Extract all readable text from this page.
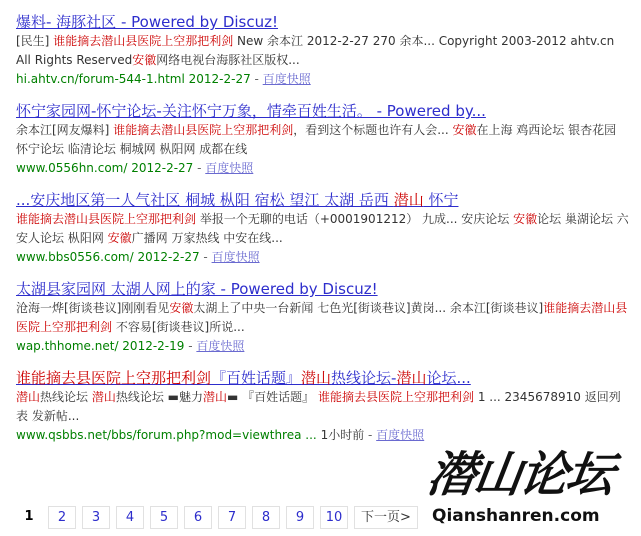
爆料- 海豚社区 - Powered by Discuz!
[民生] 谁能摘去潜山县医院上空那把利剑 New 余本江 2012-2-27 270 余本... Copyright 2003-2012 ahtv.cn All Rights Reserved安徽网络电视台海豚社区版权...
hi.ahtv.cn/forum-544-1.html 2012-2-27 - 百度快照
怀宁家园网-怀宁论坛-关注怀宁万象，情牵百姓生活。 - Powered by...
余本江[网友爆料] 谁能摘去潜山县医院上空那把利剑，看到这个标题也许有人会... 安徽在上海 鸡西论坛 银杏花园 怀宁论坛 临清论坛 桐城网 枞阳网 成都在线
www.0556hn.com/ 2012-2-27 - 百度快照
...安庆地区第一人气社区 桐城 枞阳 宿松 望江 太湖 岳西 潜山 怀宁
谁能摘去潜山县医院上空那把利剑 举报一个无聊的电话（+0001901212） 九成... 安庆论坛 安徽论坛 巢湖论坛 六安人论坛 枞阳网 安徽广播网 万家热线 中安在线...
www.bbs0556.com/ 2012-2-27 - 百度快照
太湖县家园网 太湖人网上的家 - Powered by Discuz!
沧海一烨[街谈巷议]刚刚看见安徽太湖上了中央一台新闻 七色光[街谈巷议]黄岗... 余本江[街谈巷议]谁能摘去潜山县医院上空那把利剑 不容易[街谈巷议]所说...
wap.thhome.net/ 2012-2-19 - 百度快照
谁能摘去县医院上空那把利剑『百姓话题』潜山热线论坛-潜山论坛...
潜山热线论坛 潜山热线论坛 ▬魅力潜山▬ 『百姓话题』 谁能摘去县医院上空那把利剑 1 ... 2345678910 返回列表 发新帖...
www.qsbbs.net/bbs/forum.php?mod=viewthrea ... 1小时前 - 百度快照
1	2	3	4	5	6	7	8	9	10	下一页>
潜山论坛
Qianshanren.com
